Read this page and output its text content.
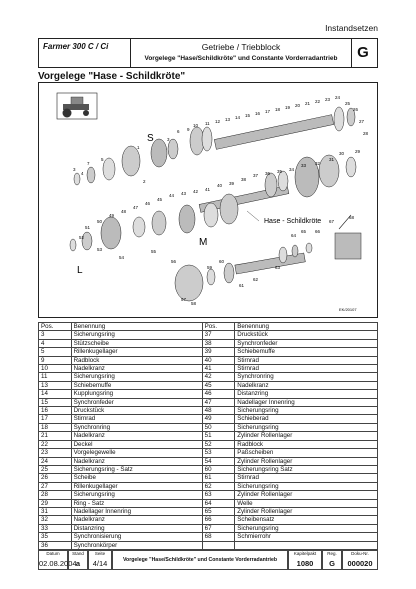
Instandsetzen
Farmer 300 C / Ci	Getriebe / Triebblock
Vorgelege "Hase/Schildkröte" und Constante Vorderradantrieb	G
Vorgelege "Hase - Schildkröte"
S
M
L
Hase - Schildkröte
EK/20107
7
5
3
4
1
2
3
6 9
10 11 12 13 14 15 16 17 18 19 20 21 22 23 24
25
26
27
28
29
30
31
32
33
34
35
36
37
38
39
40
41
42
43
44
45
46
47
48
49
50
51
52
53
54
55
56
57
58
59
60
61
62
63
64
65 66
67
68
Pos.	Benennung	Pos.	Benennung
3	Sicherungsring	37	Druckstück
4	Stützscheibe	38	Synchronfeder
5	Rillenkugellager	39	Schiebemuffe
9	Radblock	40	Stirnrad
10	Nadelkranz	41	Stirnrad
11	Sicherungsring	42	Synchronring
13	Schiebemuffe	45	Nadelkranz
14	Kupplungsring	46	Distanzring
15	Synchronfeder	47	Nadellager Innenring
16	Druckstück	48	Sicherungsring
17	Stirnrad	49	Schieberad
18	Synchronring	50	Sicherungsring
21	Nadelkranz	51	Zylinder Rollenlager
22	Deckel	52	Radblock
23	Vorgelegewelle	53	Paßscheiben
24	Nadelkranz	54	Zylinder Rollenlager
25	Sicherungsring - Satz	60	Sicherungsring Satz
26	Scheibe	61	Stirnrad
27	Rillenkugellager	62	Sicherungsring
28	Sicherungsring	63	Zylinder Rollenlager
29	Ring - Satz	64	Welle
31	Nadellager Innenring	65	Zylinder Rollenlager
32	Nadelkranz	66	Scheibensatz
33	Distanzring	67	Sicherungsring
35	Synchronisierung	68	Schmierrohr
36	Synchronkörper		
Datum
02.08.2004
Stand
a
Seite
4/14	Vorgelege "Hase/Schildkröte" und Constante Vorderradantrieb
Kapitelpakt
1080
Reg.
G
Doku-Nr.
000020
